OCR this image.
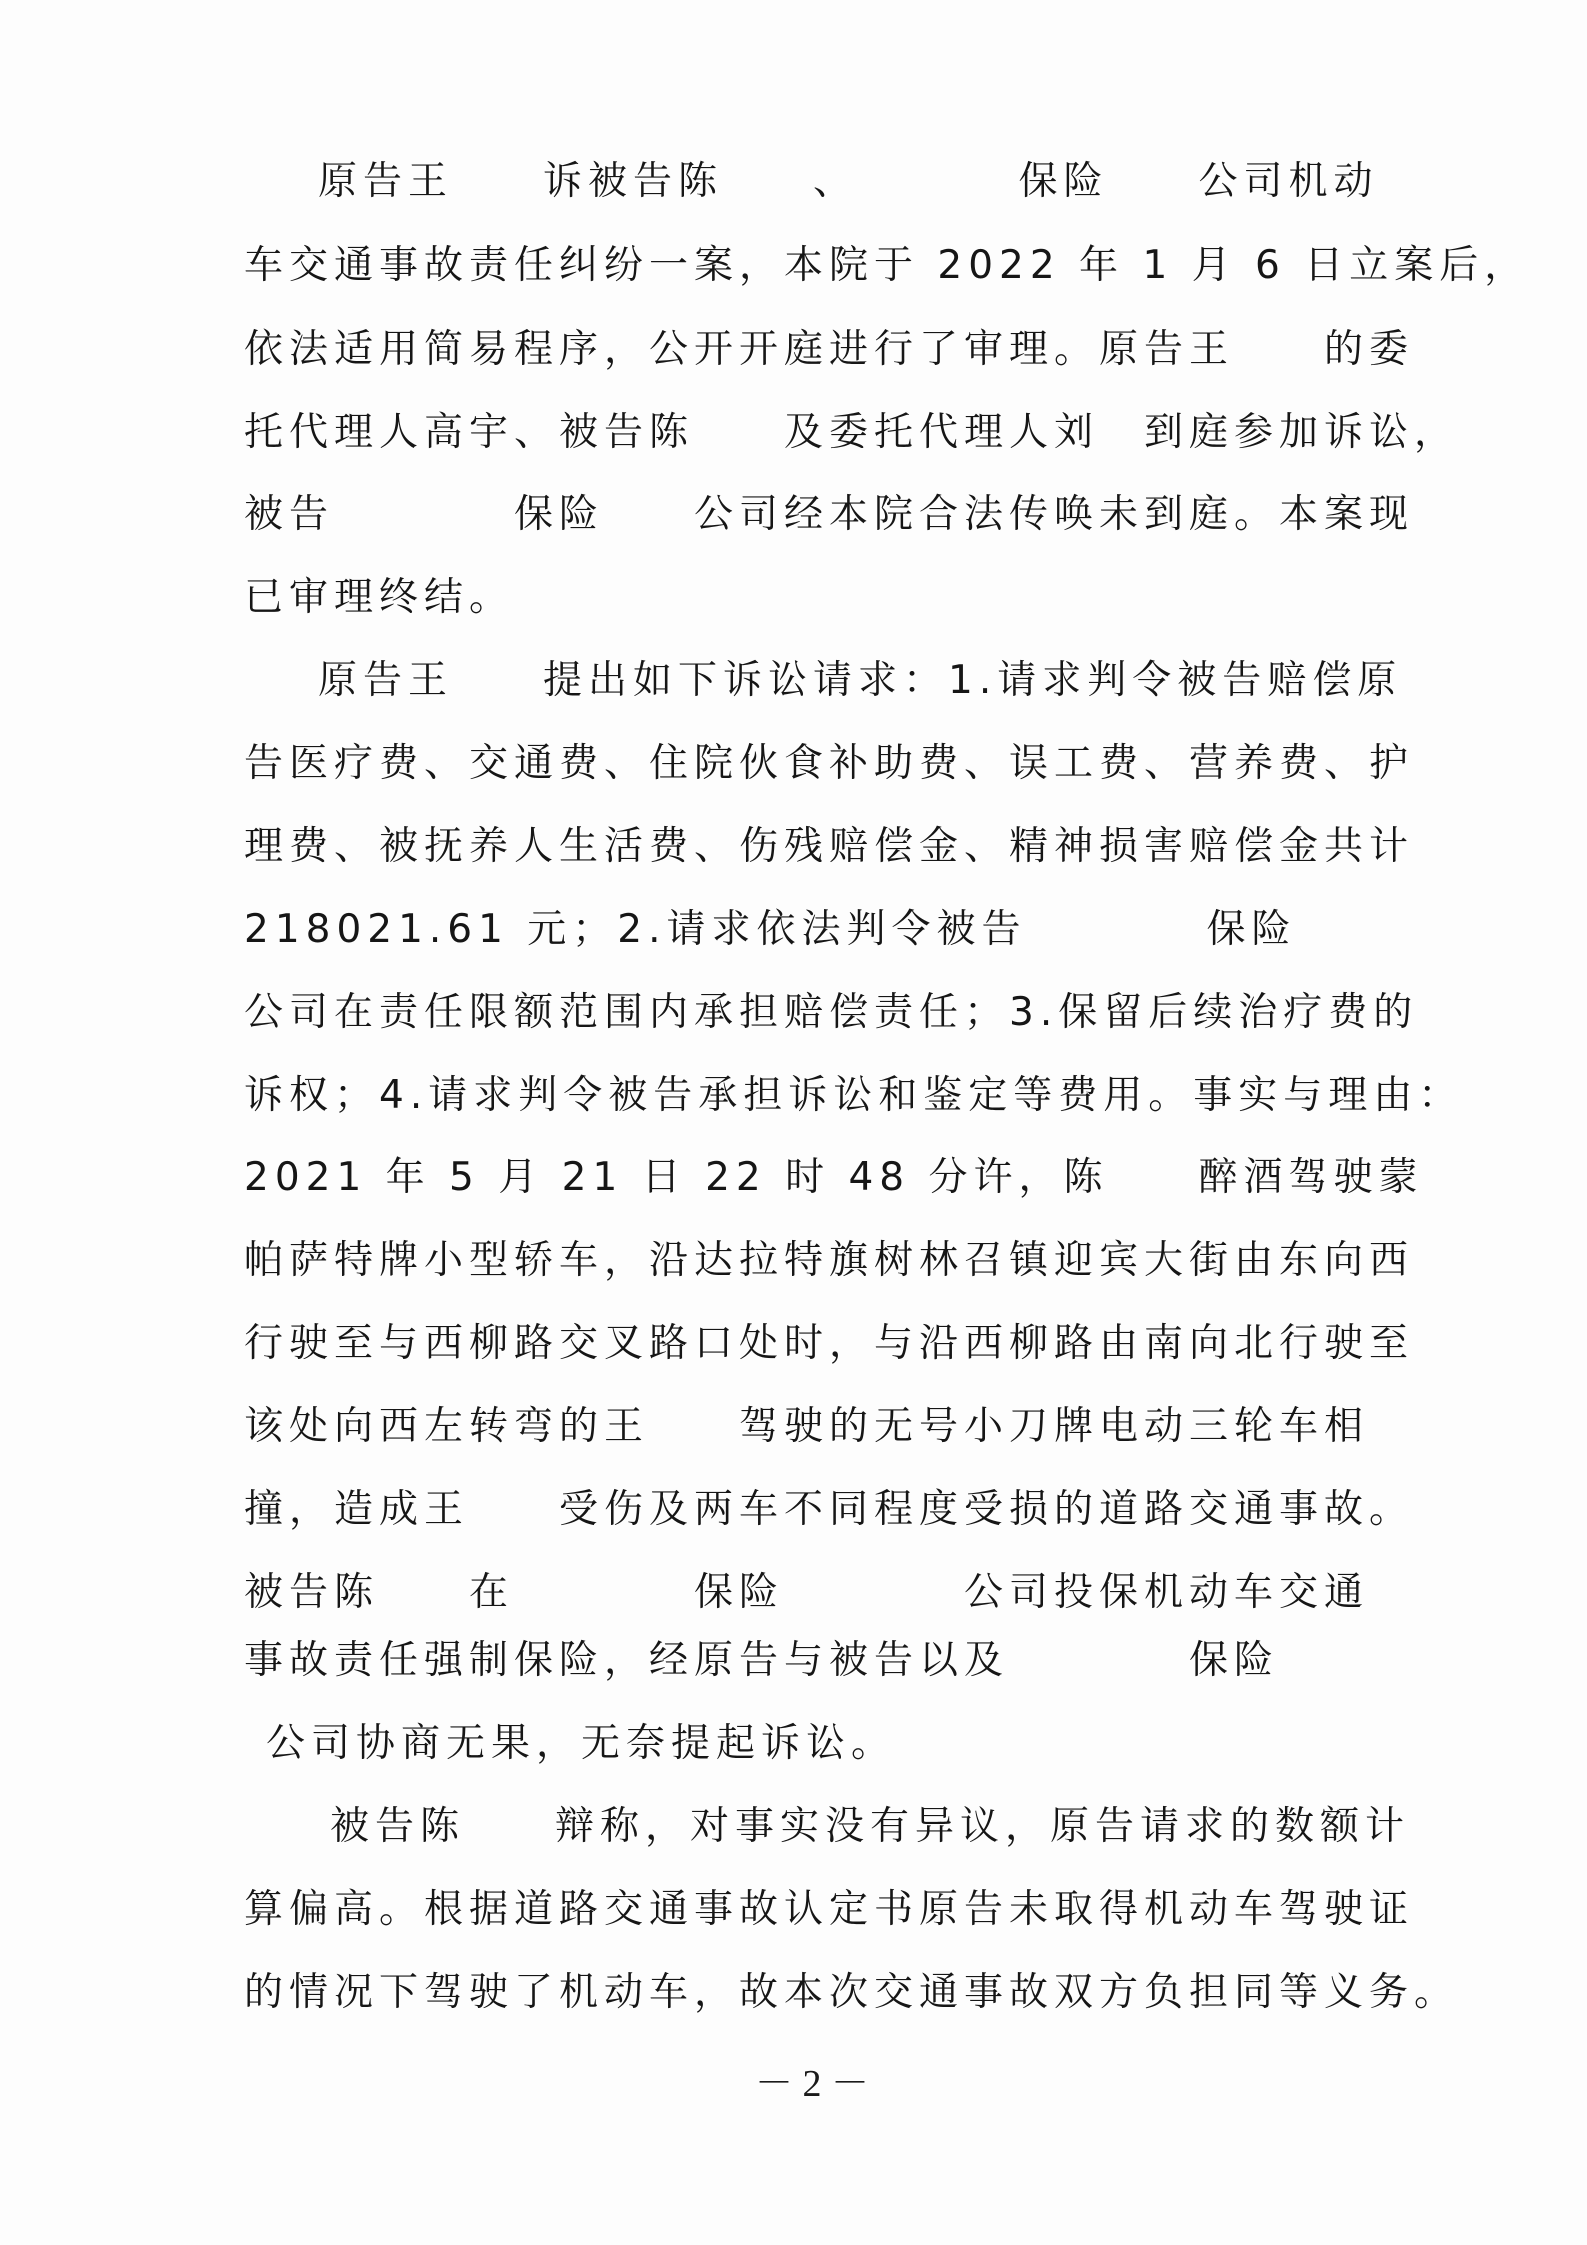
原告王　　诉被告陈　　、　　　　保险　　公司机动
车交通事故责任纠纷一案，本院于 2022 年 1 月 6 日立案后，
依法适用简易程序，公开开庭进行了审理。原告王　　的委
托代理人高宇、被告陈　　及委托代理人刘　到庭参加诉讼，
被告　　　　保险　　公司经本院合法传唤未到庭。本案现
已审理终结。
原告王　　提出如下诉讼请求：1.请求判令被告赔偿原
告医疗费、交通费、住院伙食补助费、误工费、营养费、护
理费、被抚养人生活费、伤残赔偿金、精神损害赔偿金共计
218021.61 元；2.请求依法判令被告　　　　保险
公司在责任限额范围内承担赔偿责任；3.保留后续治疗费的
诉权；4.请求判令被告承担诉讼和鉴定等费用。事实与理由：
2021 年 5 月 21 日 22 时 48 分许，陈　　醉酒驾驶蒙
帕萨特牌小型轿车，沿达拉特旗树林召镇迎宾大街由东向西
行驶至与西柳路交叉路口处时，与沿西柳路由南向北行驶至
该处向西左转弯的王　　驾驶的无号小刀牌电动三轮车相
撞，造成王　　受伤及两车不同程度受损的道路交通事故。
被告陈　　在　　　　保险　　　　公司投保机动车交通
事故责任强制保险，经原告与被告以及　　　　保险
公司协商无果，无奈提起诉讼。
被告陈　　辩称，对事实没有异议，原告请求的数额计
算偏高。根据道路交通事故认定书原告未取得机动车驾驶证
的情况下驾驶了机动车，故本次交通事故双方负担同等义务。
－ 2 －
